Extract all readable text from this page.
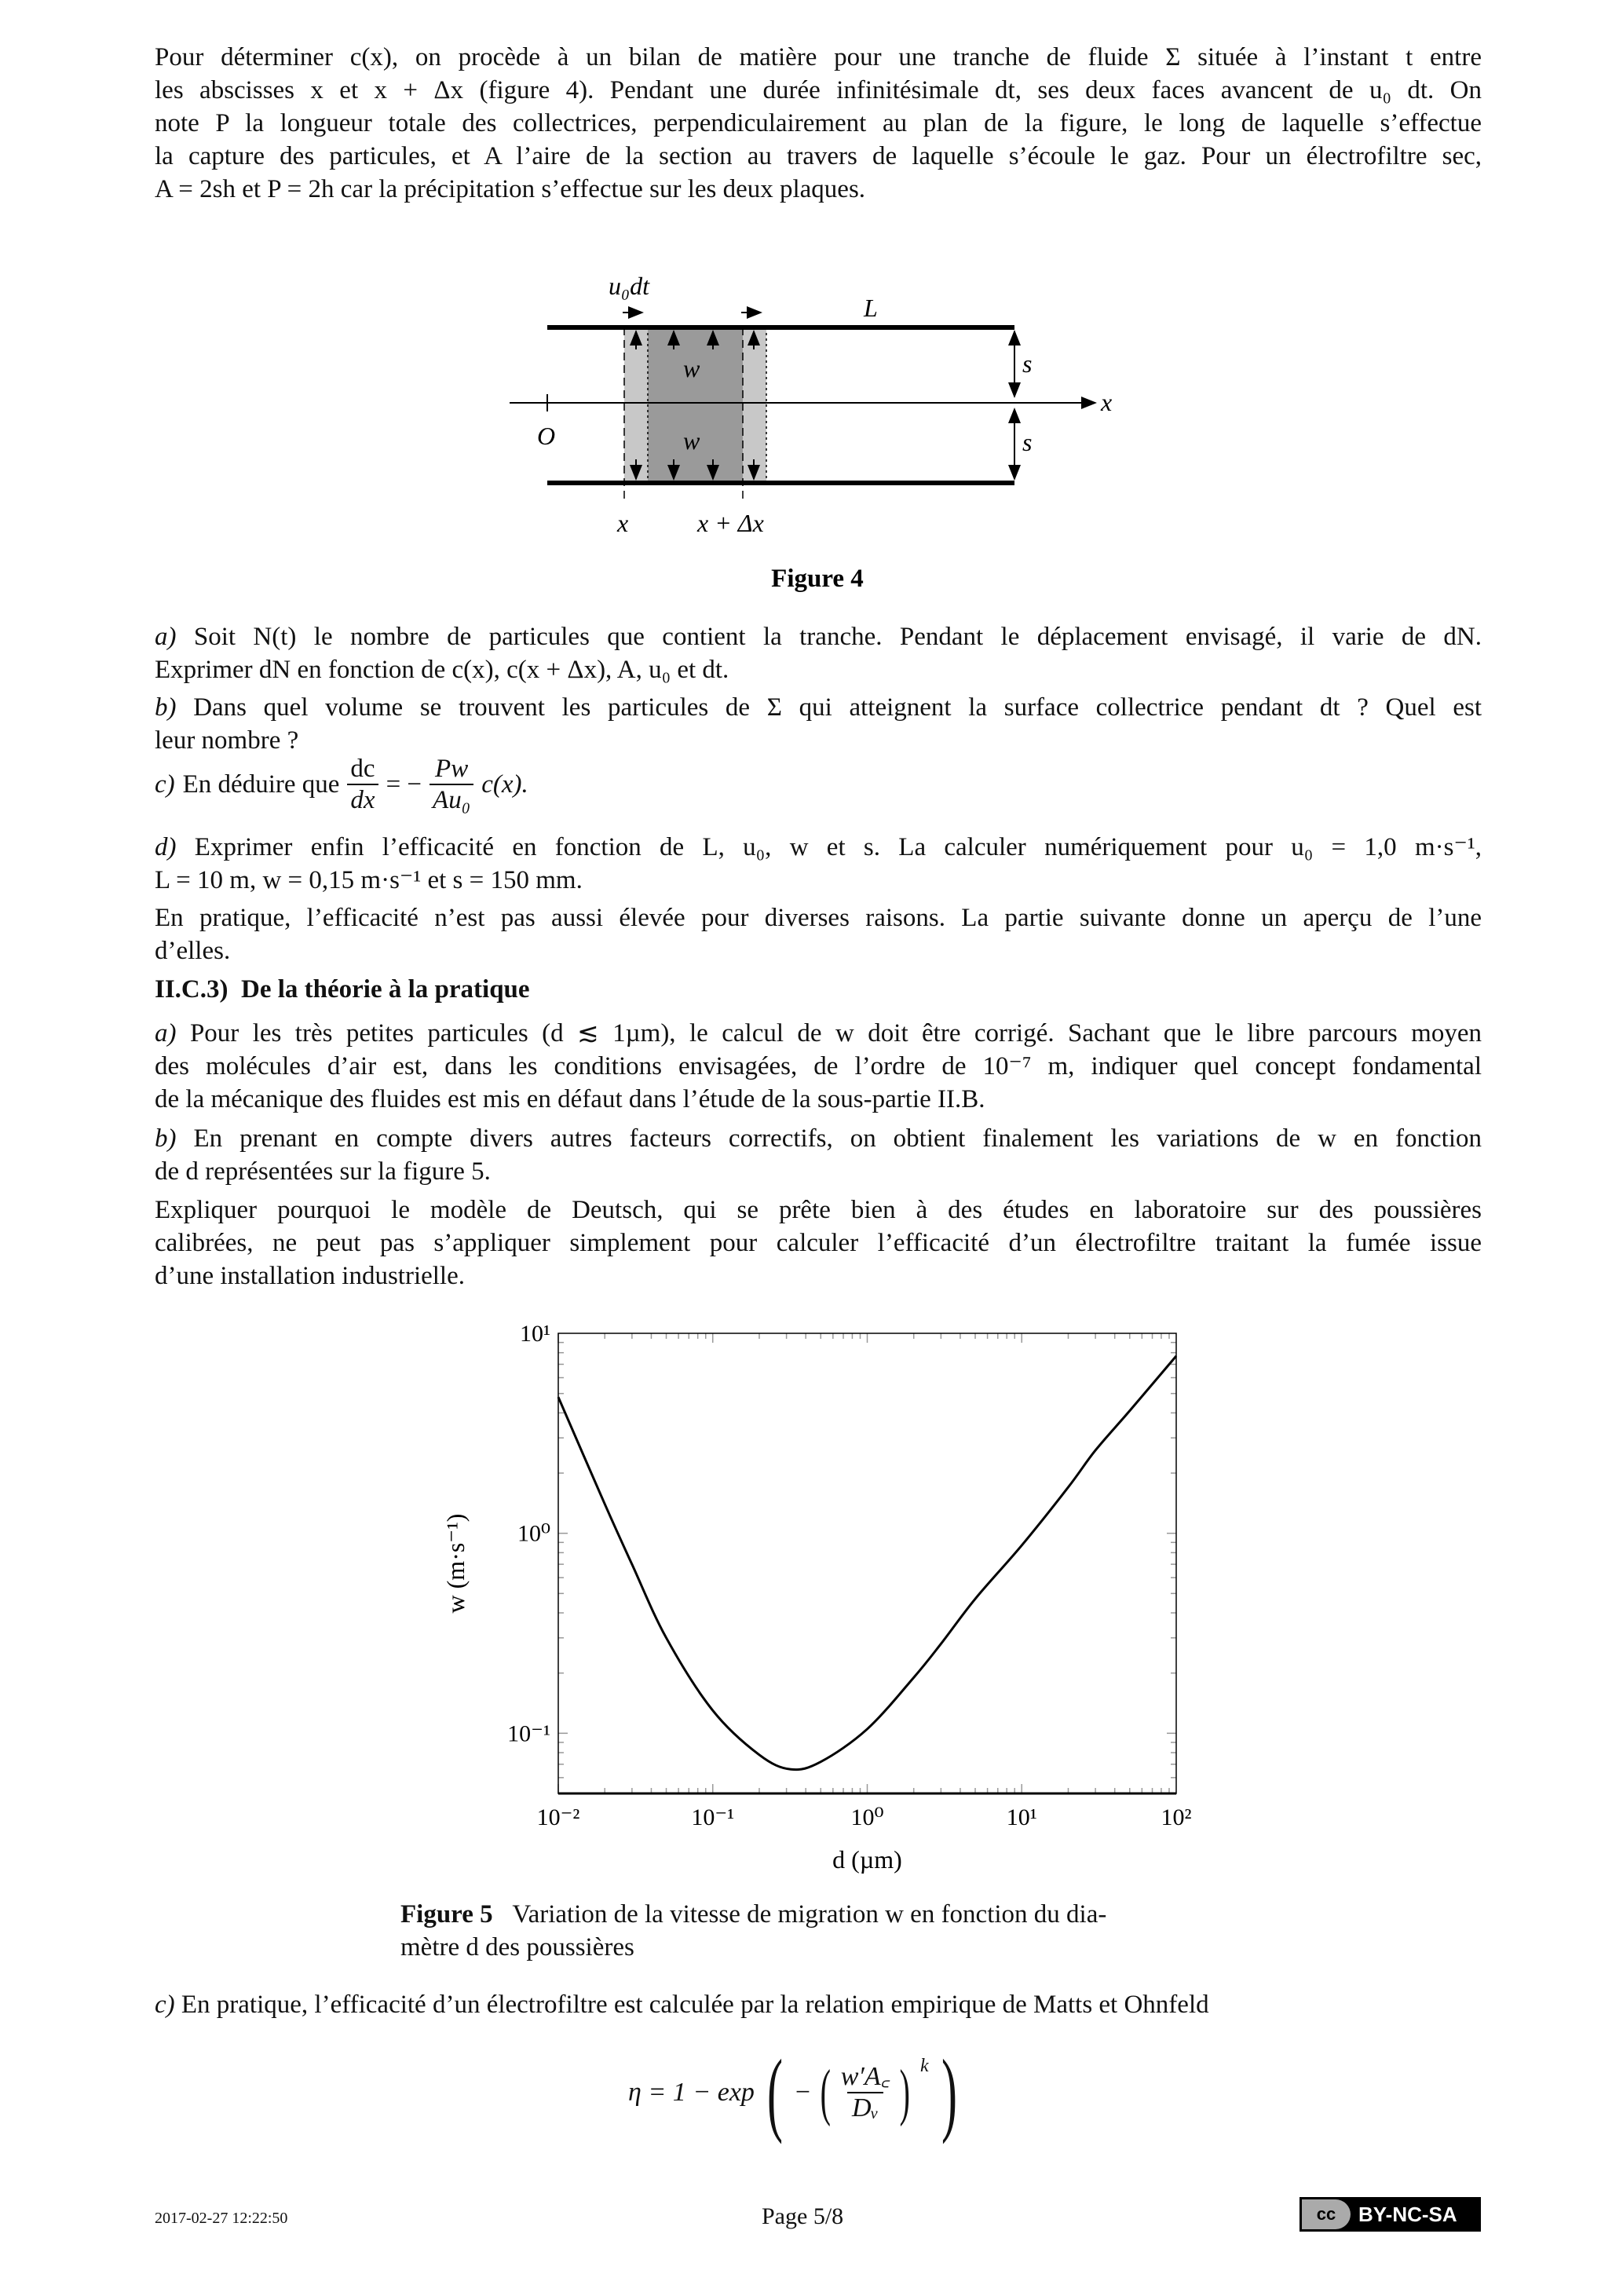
Pour déterminer c(x), on procède à un bilan de matière pour une tranche de fluide Σ située à l’instant t entre
les abscisses x et x + Δx (figure 4). Pendant une durée infinitésimale dt, ses deux faces avancent de u₀ dt. On
note P la longueur totale des collectrices, perpendiculairement au plan de la figure, le long de laquelle s’effectue
la capture des particules, et A l’aire de la section au travers de laquelle s’écoule le gaz. Pour un électrofiltre sec,
A = 2sh et P = 2h car la précipitation s’effectue sur les deux plaques.
u₀dt
L
s
s
x
O
w⃗
w⃗
x	x + Δx
Figure 4
a) Soit N(t) le nombre de particules que contient la tranche. Pendant le déplacement envisagé, il varie de dN.
Exprimer dN en fonction de c(x), c(x + Δx), A, u₀ et dt.
b) Dans quel volume se trouvent les particules de Σ qui atteignent la surface collectrice pendant dt ? Quel est
leur nombre ?
c) En déduire que $\frac{dc}{dx}$ = − $\frac{Pw}{\text{Au₀}} c(x)$.
d) Exprimer enfin l’efficacité en fonction de L, u₀, w et s. La calculer numériquement pour u₀ = 1,0 m·s⁻¹,
L = 10 m, w = 0,15 m·s⁻¹ et s = 150 mm.
En pratique, l’efficacité n’est pas aussi élevée pour diverses raisons. La partie suivante donne un aperçu de l’une
d’elles.
II.C.3) De la théorie à la pratique
a) Pour les très petites particules (d ≲ 1µm), le calcul de w doit être corrigé. Sachant que le libre parcours moyen
des molécules d’air est, dans les conditions envisagées, de l’ordre de 10⁻⁷ m, indiquer quel concept fondamental
de la mécanique des fluides est mis en défaut dans l’étude de la sous-partie II.B.
b) En prenant en compte divers autres facteurs correctifs, on obtient finalement les variations de w en fonction
de d représentées sur la figure 5.
Expliquer pourquoi le modèle de Deutsch, qui se prête bien à des études en laboratoire sur des poussières
calibrées, ne peut pas s’appliquer simplement pour calculer l’efficacité d’un électrofiltre traitant la fumée issue
d’une installation industrielle.
10⁻²	10⁻¹	10⁰	10¹	10²
10⁻¹
10⁰
10¹
d (µm)
w (m·s⁻¹)
Figure 5 Variation de la vitesse de migration w en fonction du dia-
mètre d des poussières
c) En pratique, l’efficacité d’un électrofiltre est calculée par la relation empirique de Matts et Ohnfeld
η = 1 − exp ( − ( $\frac{w'A꜀}{\text{Dᵥ}}$ ) k )
2017-02-27 12:22:50	Page 5/8	cc	BY-NC-SA
